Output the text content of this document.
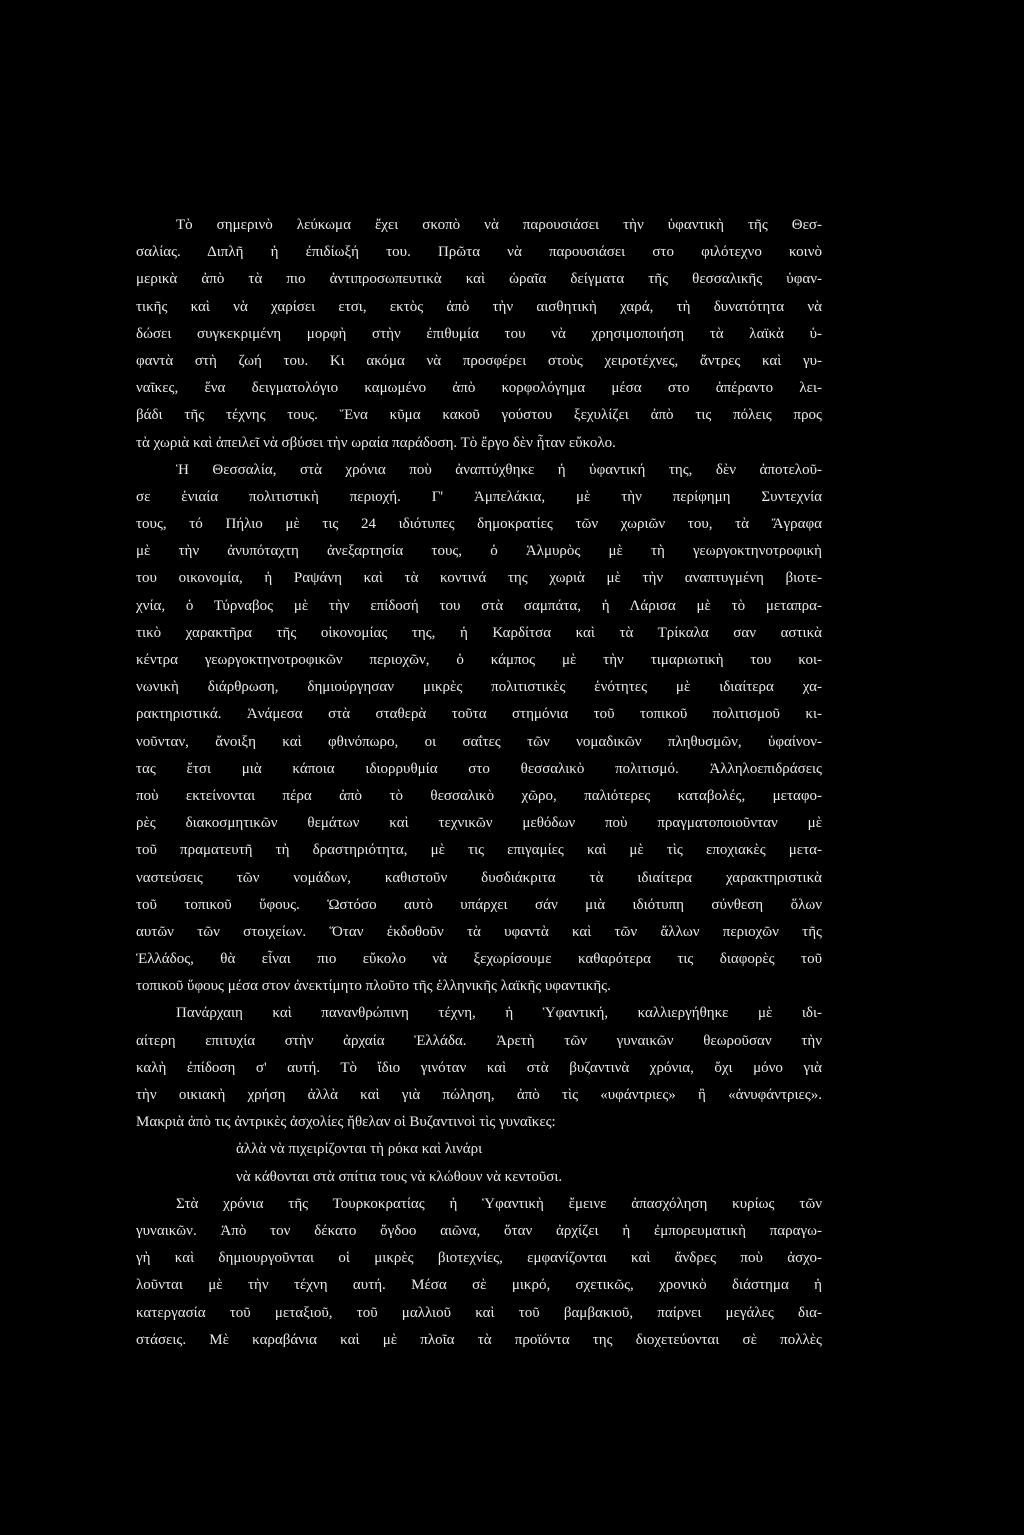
Τὸ σημερινὸ λεύκωμα ἔχει σκοπὸ νὰ παρουσιάσει τὴν ὑφαντικὴ τῆς Θεσ-
σαλίας. Διπλῆ ἡ ἐπιδίωξή του. Πρῶτα νὰ παρουσιάσει στο φιλότεχνο κοινὸ
μερικὰ ἀπὸ τὰ πιο ἀντιπροσωπευτικὰ καὶ ὡραῖα δείγματα τῆς θεσσαλικῆς ὑφαν-
τικῆς καὶ νὰ χαρίσει ετσι, εκτὸς ἀπὸ τὴν αισθητικὴ χαρά, τὴ δυνατότητα νὰ
δώσει συγκεκριμένη μορφὴ στὴν ἐπιθυμία του νὰ χρησιμοποιήση τὰ λαϊκὰ ὑ-
φαντὰ στὴ ζωή του. Κι ακόμα νὰ προσφέρει στοὺς χειροτέχνες, ἄντρες καὶ γυ-
ναῖκες, ἕνα δειγματολόγιο καμωμένο ἀπὸ κορφολόγημα μέσα στο ἀπέραντο λει-
βάδι τῆς τέχνης τους. Ἕνα κῦμα κακοῦ γούστου ξεχυλίζει ἀπὸ τις πόλεις προς
τὰ χωριὰ καὶ ἀπειλεῖ νὰ σβύσει τὴν ωραία παράδοση. Τὸ ἔργο δὲν ἦταν εὔκολο.
Ἡ Θεσσαλία, στὰ χρόνια ποὺ ἀναπτύχθηκε ἡ ὑφαντική της, δὲν ἀποτελοῦ-
σε ἑνιαία πολιτιστικὴ περιοχή. Γ' Ἀμπελάκια, μὲ τὴν περίφημη Συντεχνία
τους, τό Πήλιο μὲ τις 24 ιδιότυπες δημοκρατίες τῶν χωριῶν του, τὰ Ἄγραφα
μὲ τὴν ἀνυπόταχτη ἀνεξαρτησία τους, ὁ Ἁλμυρὸς μὲ τὴ γεωργοκτηνοτροφικὴ
του οικονομία, ἡ Ραψάνη καὶ τὰ κοντινά της χωριὰ μὲ τὴν αναπτυγμένη βιοτε-
χνία, ὁ Τύρναβος μὲ τὴν επίδοσή του στὰ σαμπάτα, ἡ Λάρισα μὲ τὸ μεταπρα-
τικὸ χαρακτῆρα τῆς οἰκονομίας της, ἡ Καρδίτσα καὶ τὰ Τρίκαλα σαν αστικὰ
κέντρα γεωργοκτηνοτροφικῶν περιοχῶν, ὁ κάμπος μὲ τὴν τιμαριωτικὴ του κοι-
νωνικὴ διάρθρωση, δημιούργησαν μικρὲς πολιτιστικὲς ἑνότητες μὲ ιδιαίτερα χα-
ρακτηριστικά. Ἀνάμεσα στὰ σταθερὰ τοῦτα στημόνια τοῦ τοπικοῦ πολιτισμοῦ κι-
νοῦνταν, ἄνοιξη καὶ φθινόπωρο, οι σαΐτες τῶν νομαδικῶν πληθυσμῶν, ὑφαίνον-
τας ἔτσι μιὰ κάποια ιδιορρυθμία στο θεσσαλικὸ πολιτισμό. Ἀλληλοεπιδράσεις
ποὺ εκτείνονται πέρα ἀπὸ τὸ θεσσαλικὸ χῶρο, παλιότερες καταβολές, μεταφο-
ρὲς διακοσμητικῶν θεμάτων καὶ τεχνικῶν μεθόδων ποὺ πραγματοποιοῦνταν μὲ
τοῦ πραματευτῆ τὴ δραστηριότητα, μὲ τις επιγαμίες καὶ μὲ τὶς εποχιακὲς μετα-
ναστεύσεις τῶν νομάδων, καθιστοῦν δυσδιάκριτα τὰ ιδιαίτερα χαρακτηριστικὰ
τοῦ τοπικοῦ ὕφους. Ὡστόσο αυτὸ υπάρχει σάν μιὰ ιδιότυπη σύνθεση ὅλων
αυτῶν τῶν στοιχείων. Ὅταν ἐκδοθοῦν τὰ υφαντὰ καὶ τῶν ἄλλων περιοχῶν τῆς
Ἑλλάδος, θὰ εἶναι πιο εὔκολο νὰ ξεχωρίσουμε καθαρότερα τις διαφορὲς τοῦ
τοπικοῦ ὕφους μέσα στον ἀνεκτίμητο πλοῦτο τῆς ἑλληνικῆς λαϊκῆς υφαντικῆς.
Πανάρχαιη καὶ πανανθρώπινη τέχνη, ἡ Ὑφαντική, καλλιεργήθηκε μὲ ιδι-
αίτερη επιτυχία στὴν ἀρχαία Ἑλλάδα. Ἀρετὴ τῶν γυναικῶν θεωροῦσαν τὴν
καλὴ ἐπίδοση σ' αυτή. Τὸ ἴδιο γινόταν καὶ στὰ βυζαντινὰ χρόνια, ὄχι μόνο γιὰ
τὴν οικιακὴ χρήση ἀλλὰ καὶ γιὰ πώληση, ἀπὸ τὶς «υφάντριες» ἢ «ἀνυφάντριες».
Μακριὰ ἀπὸ τις ἀντρικὲς ἀσχολίες ἤθελαν οἱ Βυζαντινοὶ τὶς γυναῖκες:
ἀλλὰ νὰ πιχειρίζονται τὴ ρόκα καὶ λινάρι
νὰ κάθονται στὰ σπίτια τους νὰ κλώθουν νὰ κεντοῦσι.
Στὰ χρόνια τῆς Τουρκοκρατίας ἡ Ὑφαντικὴ ἔμεινε ἀπασχόληση κυρίως τῶν
γυναικῶν. Ἀπὸ τον δέκατο ὄγδοο αιῶνα, ὅταν ἀρχίζει ἡ ἐμπορευματικὴ παραγω-
γὴ καὶ δημιουργοῦνται οἱ μικρὲς βιοτεχνίες, εμφανίζονται καὶ ἄνδρες ποὺ ἀσχο-
λοῦνται μὲ τὴν τέχνη αυτή. Μέσα σὲ μικρό, σχετικῶς, χρονικὸ διάστημα ἡ
κατεργασία τοῦ μεταξιοῦ, τοῦ μαλλιοῦ καὶ τοῦ βαμβακιοῦ, παίρνει μεγάλες δια-
στάσεις. Μὲ καραβάνια καὶ μὲ πλοῖα τὰ προϊόντα της διοχετεύονται σὲ πολλὲς
